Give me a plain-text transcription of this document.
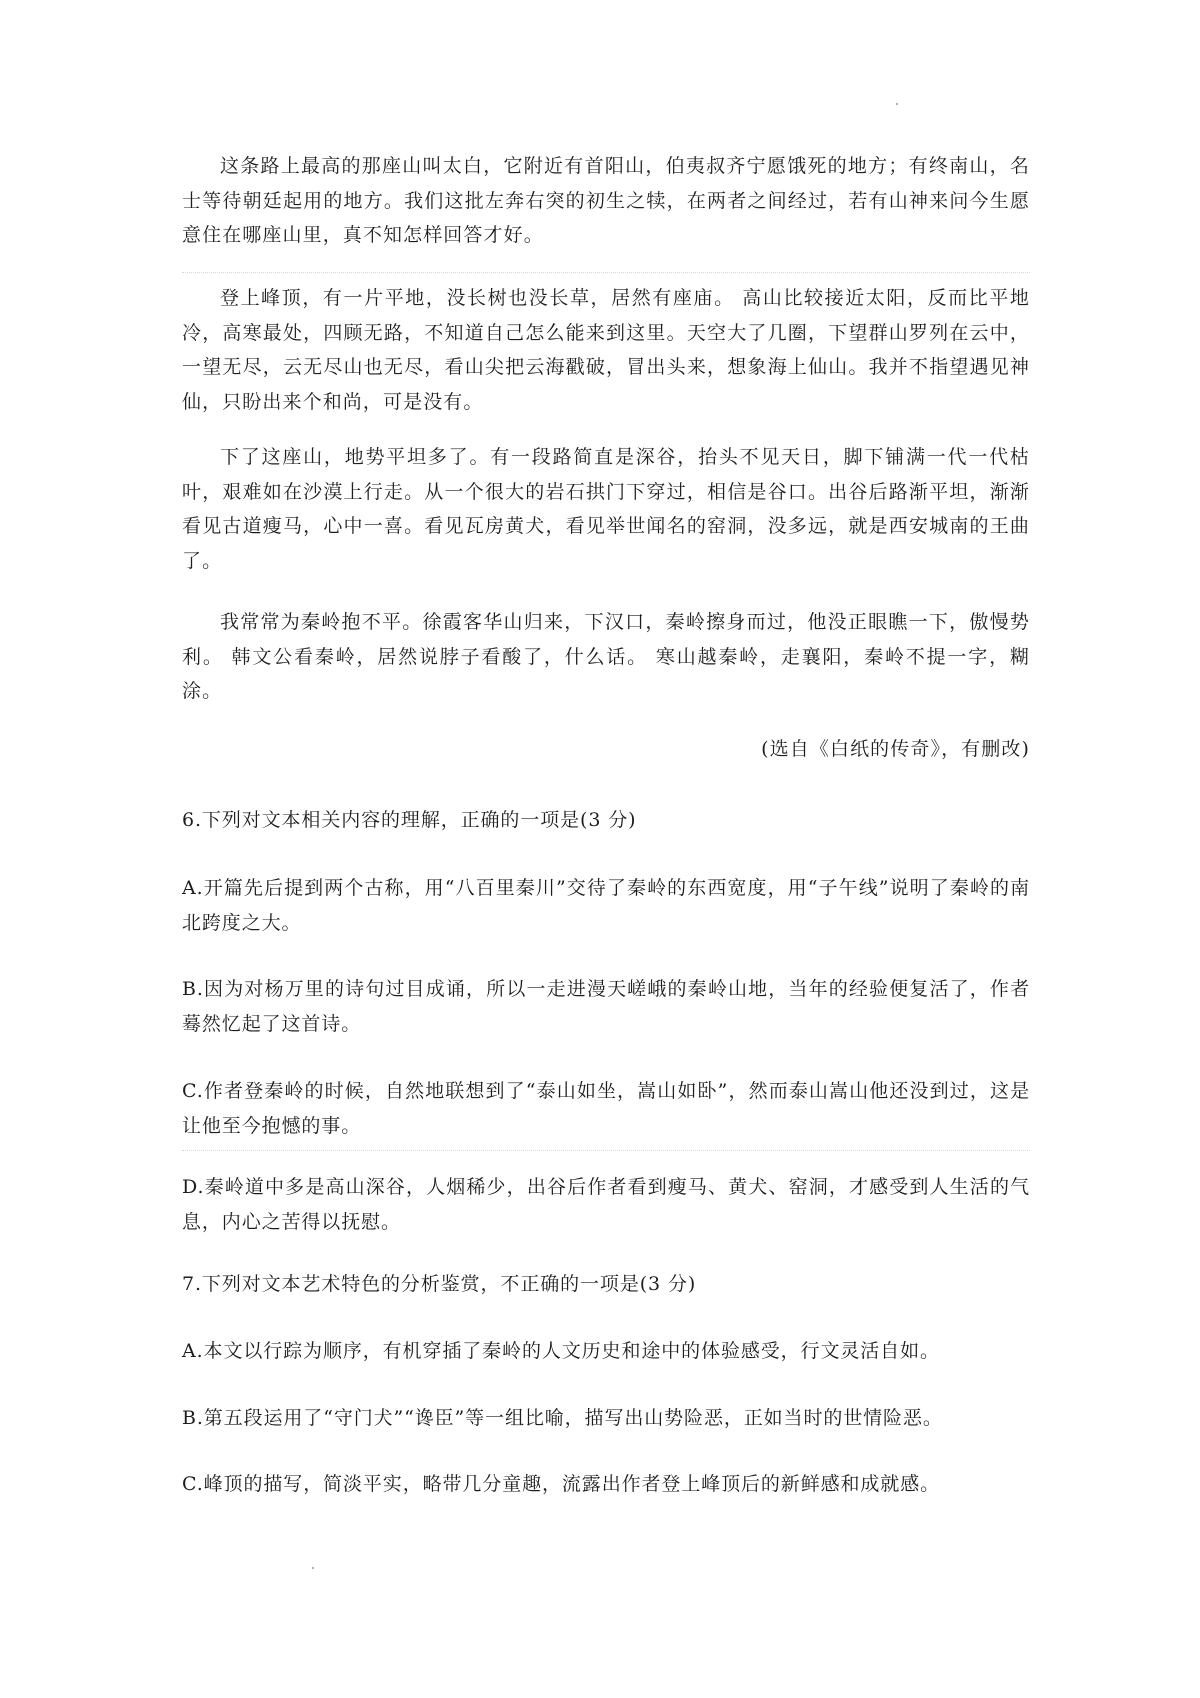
这条路上最高的那座山叫太白，它附近有首阳山，伯夷叔齐宁愿饿死的地方；有终南山，名士等待朝廷起用的地方。我们这批左奔右突的初生之犊，在两者之间经过，若有山神来问今生愿意住在哪座山里，真不知怎样回答才好。

登上峰顶，有一片平地，没长树也没长草，居然有座庙。 高山比较接近太阳，反而比平地冷，高寒最处，四顾无路，不知道自己怎么能来到这里。天空大了几圈，下望群山罗列在云中，一望无尽，云无尽山也无尽，看山尖把云海戳破，冒出头来，想象海上仙山。我并不指望遇见神仙，只盼出来个和尚，可是没有。

下了这座山，地势平坦多了。有一段路简直是深谷，抬头不见天日，脚下铺满一代一代枯叶，艰难如在沙漠上行走。从一个很大的岩石拱门下穿过，相信是谷口。出谷后路渐平坦，渐渐看见古道瘦马，心中一喜。看见瓦房黄犬，看见举世闻名的窑洞，没多远，就是西安城南的王曲了。

我常常为秦岭抱不平。徐霞客华山归来，下汉口，秦岭擦身而过，他没正眼瞧一下，傲慢势利。 韩文公看秦岭，居然说脖子看酸了，什么话。 寒山越秦岭，走襄阳，秦岭不提一字，糊涂。

(选自《白纸的传奇》，有删改)

6.下列对文本相关内容的理解，正确的一项是(3 分)

A.开篇先后提到两个古称，用“八百里秦川”交待了秦岭的东西宽度，用“子午线”说明了秦岭的南北跨度之大。

B.因为对杨万里的诗句过目成诵，所以一走进漫天嵯峨的秦岭山地，当年的经验便复活了，作者蓦然忆起了这首诗。

C.作者登秦岭的时候，自然地联想到了“泰山如坐，嵩山如卧”，然而泰山嵩山他还没到过，这是让他至今抱憾的事。

D.秦岭道中多是高山深谷，人烟稀少，出谷后作者看到瘦马、黄犬、窑洞，才感受到人生活的气息，内心之苦得以抚慰。

7.下列对文本艺术特色的分析鉴赏，不正确的一项是(3 分)

A.本文以行踪为顺序，有机穿插了秦岭的人文历史和途中的体验感受，行文灵活自如。

B.第五段运用了“守门犬”“谗臣”等一组比喻，描写出山势险恶，正如当时的世情险恶。

C.峰顶的描写，简淡平实，略带几分童趣，流露出作者登上峰顶后的新鲜感和成就感。
